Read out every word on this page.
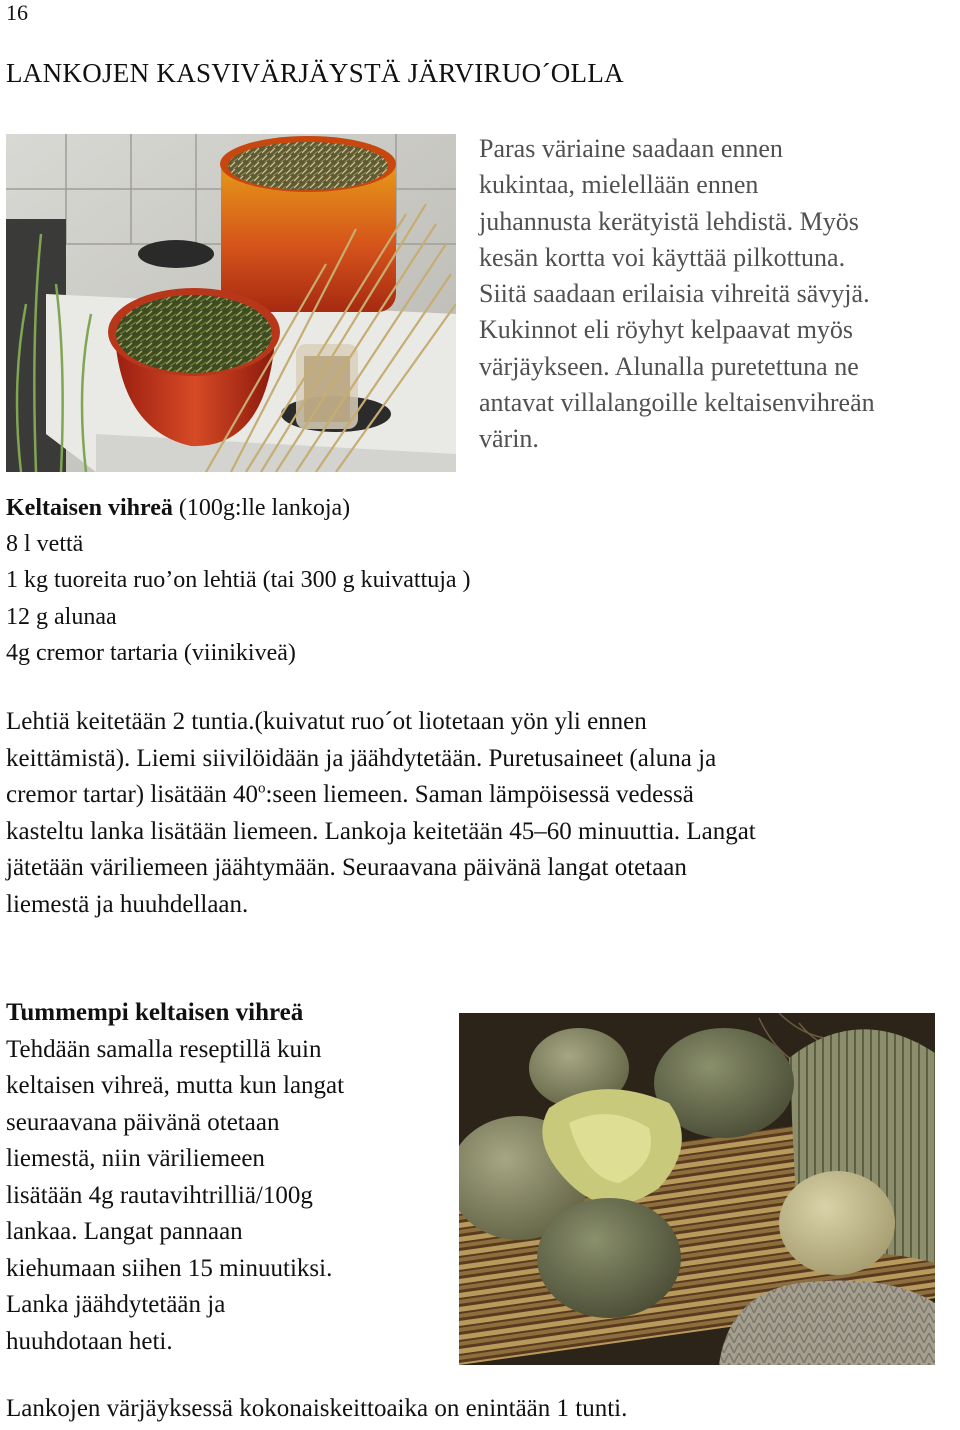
16
LANKOJEN KASVIVÄRJÄYSTÄ JÄRVIRUO´OLLA
Paras väriaine saadaan ennen
kukintaa, mielellään ennen
juhannusta kerätyistä lehdistä. Myös
kesän kortta voi käyttää pilkottuna.
Siitä saadaan erilaisia vihreitä sävyjä.
Kukinnot eli röyhyt kelpaavat myös
värjäykseen. Alunalla puretettuna ne
antavat villalangoille keltaisenvihreän
värin.
Keltaisen vihreä (100g:lle lankoja)
8 l vettä
1 kg tuoreita ruo’on lehtiä (tai 300 g kuivattuja )
12 g alunaa
4g cremor tartaria (viinikiveä)
Lehtiä keitetään 2 tuntia.(kuivatut ruo´ot liotetaan yön yli ennen
keittämistä). Liemi siivilöidään ja jäähdytetään. Puretusaineet (aluna ja
cremor tartar) lisätään 40$^o$:seen liemeen. Saman lämpöisessä vedessä
kasteltu lanka lisätään liemeen. Lankoja keitetään 45–60 minuuttia. Langat
jätetään väriliemeen jäähtymään. Seuraavana päivänä langat otetaan
liemestä ja huuhdellaan.
Tummempi keltaisen vihreä
Tehdään samalla reseptillä kuin
keltaisen vihreä, mutta kun langat
seuraavana päivänä otetaan
liemestä, niin väriliemeen
lisätään 4g rautavihtrilliä/100g
lankaa. Langat pannaan
kiehumaan siihen 15 minuutiksi.
Lanka jäähdytetään ja
huuhdotaan heti.

Lankojen värjäyksessä kokonaiskeittoaika on enintään 1 tunti.
